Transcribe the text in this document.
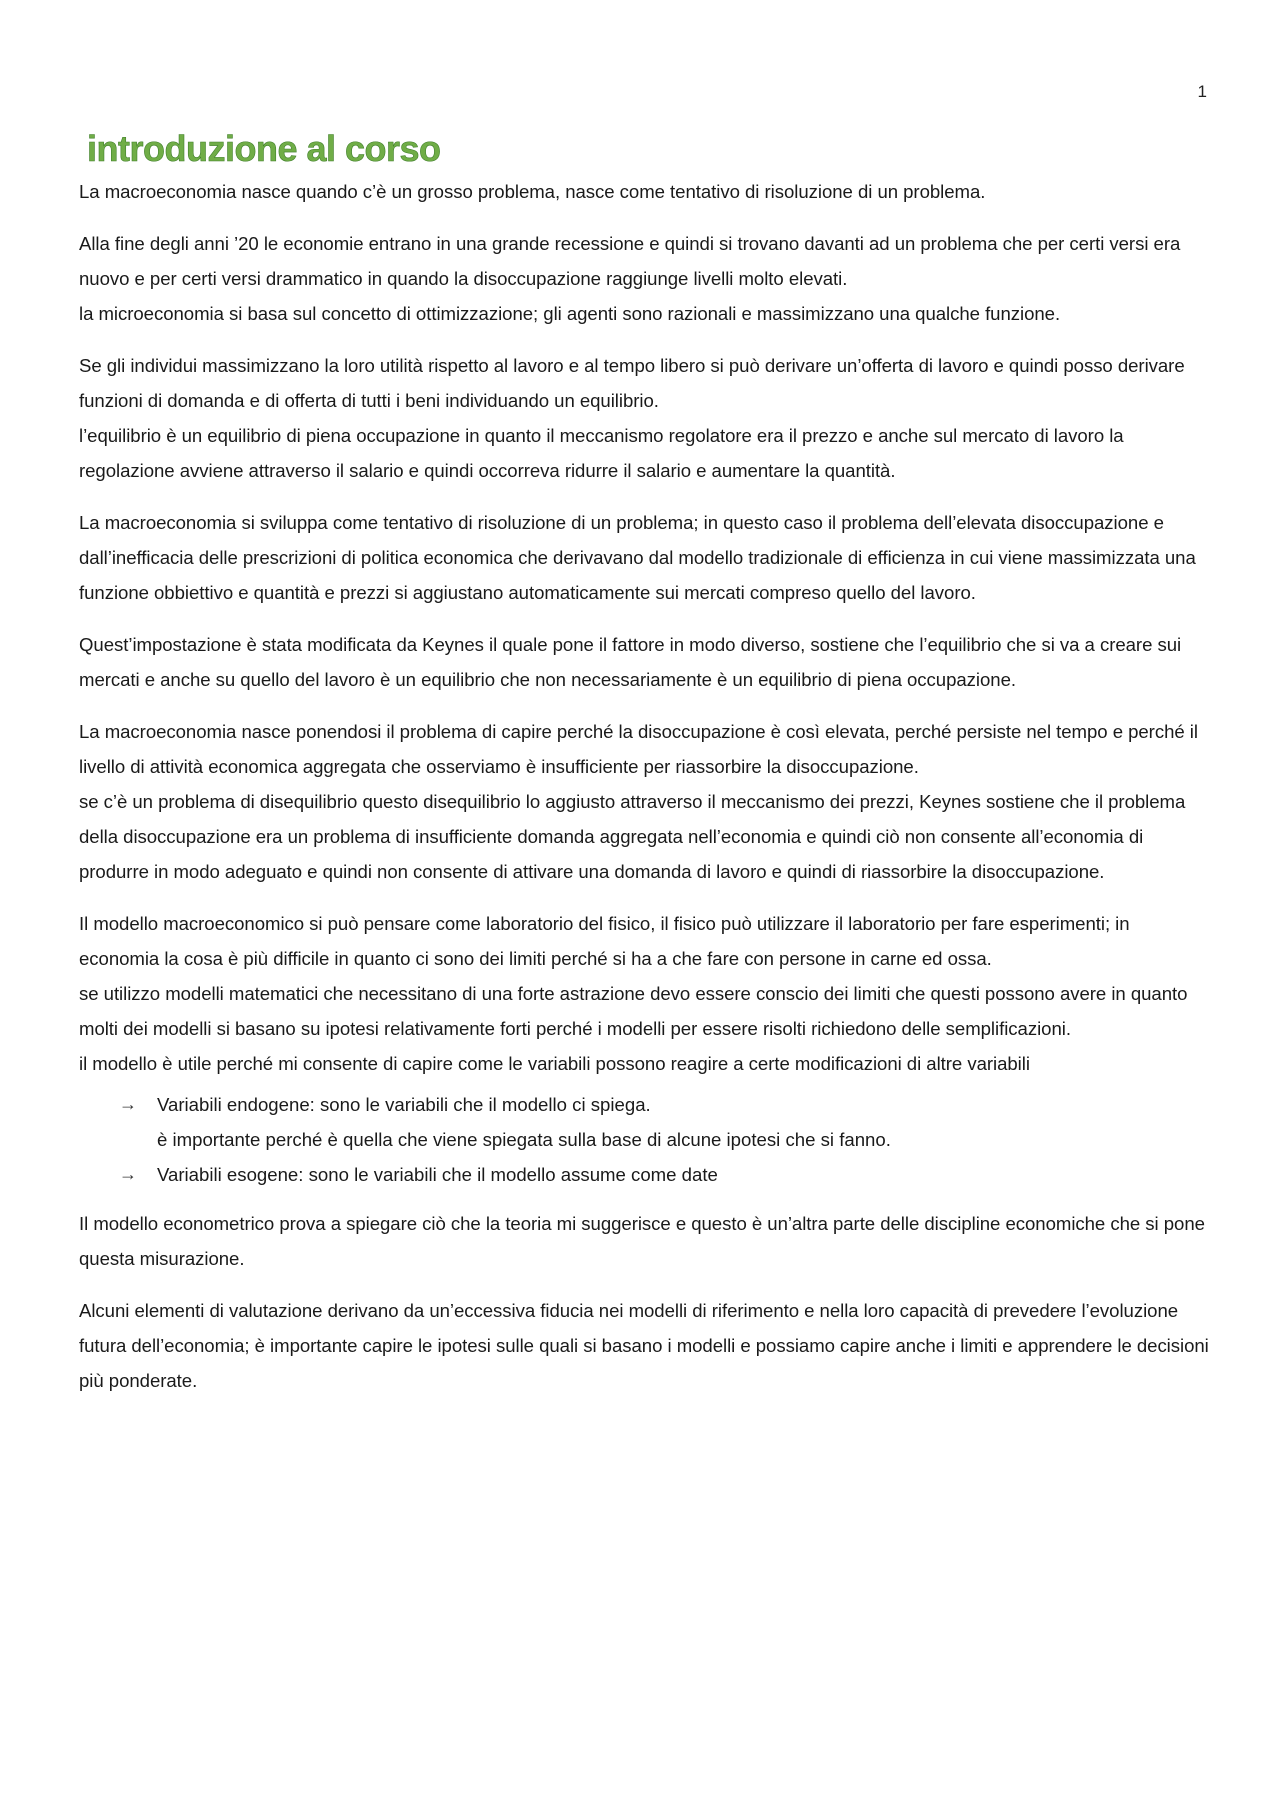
1
introduzione al corso

La macroeconomia nasce quando c’è un grosso problema, nasce come tentativo di risoluzione di un problema.

Alla fine degli anni ’20 le economie entrano in una grande recessione e quindi si trovano davanti ad un problema che per certi versi era nuovo e per certi versi drammatico in quando la disoccupazione raggiunge livelli molto elevati.
la microeconomia si basa sul concetto di ottimizzazione; gli agenti sono razionali e massimizzano una qualche funzione.

Se gli individui massimizzano la loro utilità rispetto al lavoro e al tempo libero si può derivare un’offerta di lavoro e quindi posso derivare funzioni di domanda e di offerta di tutti i beni individuando un equilibrio.
l’equilibrio è un equilibrio di piena occupazione in quanto il meccanismo regolatore era il prezzo e anche sul mercato di lavoro la regolazione avviene attraverso il salario e quindi occorreva ridurre il salario e aumentare la quantità.

La macroeconomia si sviluppa come tentativo di risoluzione di un problema; in questo caso il problema dell’elevata disoccupazione e dall’inefficacia delle prescrizioni di politica economica che derivavano dal modello tradizionale di efficienza in cui viene massimizzata una funzione obbiettivo e quantità e prezzi si aggiustano automaticamente sui mercati compreso quello del lavoro.

Quest’impostazione è stata modificata da Keynes il quale pone il fattore in modo diverso, sostiene che l’equilibrio che si va a creare sui mercati e anche su quello del lavoro è un equilibrio che non necessariamente è un equilibrio di piena occupazione.

La macroeconomia nasce ponendosi il problema di capire perché la disoccupazione è così elevata, perché persiste nel tempo e perché il livello di attività economica aggregata che osserviamo è insufficiente per riassorbire la disoccupazione.
se c’è un problema di disequilibrio questo disequilibrio lo aggiusto attraverso il meccanismo dei prezzi, Keynes sostiene che il problema della disoccupazione era un problema di insufficiente domanda aggregata nell’economia e quindi ciò non consente all’economia di produrre in modo adeguato e quindi non consente di attivare una domanda di lavoro e quindi di riassorbire la disoccupazione.

Il modello macroeconomico si può pensare come laboratorio del fisico, il fisico può utilizzare il laboratorio per fare esperimenti; in economia la cosa è più difficile in quanto ci sono dei limiti perché si ha a che fare con persone in carne ed ossa.
se utilizzo modelli matematici che necessitano di una forte astrazione devo essere conscio dei limiti che questi possono avere in quanto molti dei modelli si basano su ipotesi relativamente forti perché i modelli per essere risolti richiedono delle semplificazioni.
il modello è utile perché mi consente di capire come le variabili possono reagire a certe modificazioni di altre variabili

→ Variabili endogene: sono le variabili che il modello ci spiega.
è importante perché è quella che viene spiegata sulla base di alcune ipotesi che si fanno.
→ Variabili esogene: sono le variabili che il modello assume come date

Il modello econometrico prova a spiegare ciò che la teoria mi suggerisce e questo è un’altra parte delle discipline economiche che si pone questa misurazione.

Alcuni elementi di valutazione derivano da un’eccessiva fiducia nei modelli di riferimento e nella loro capacità di prevedere l’evoluzione futura dell’economia; è importante capire le ipotesi sulle quali si basano i modelli e possiamo capire anche i limiti e apprendere le decisioni più ponderate.
